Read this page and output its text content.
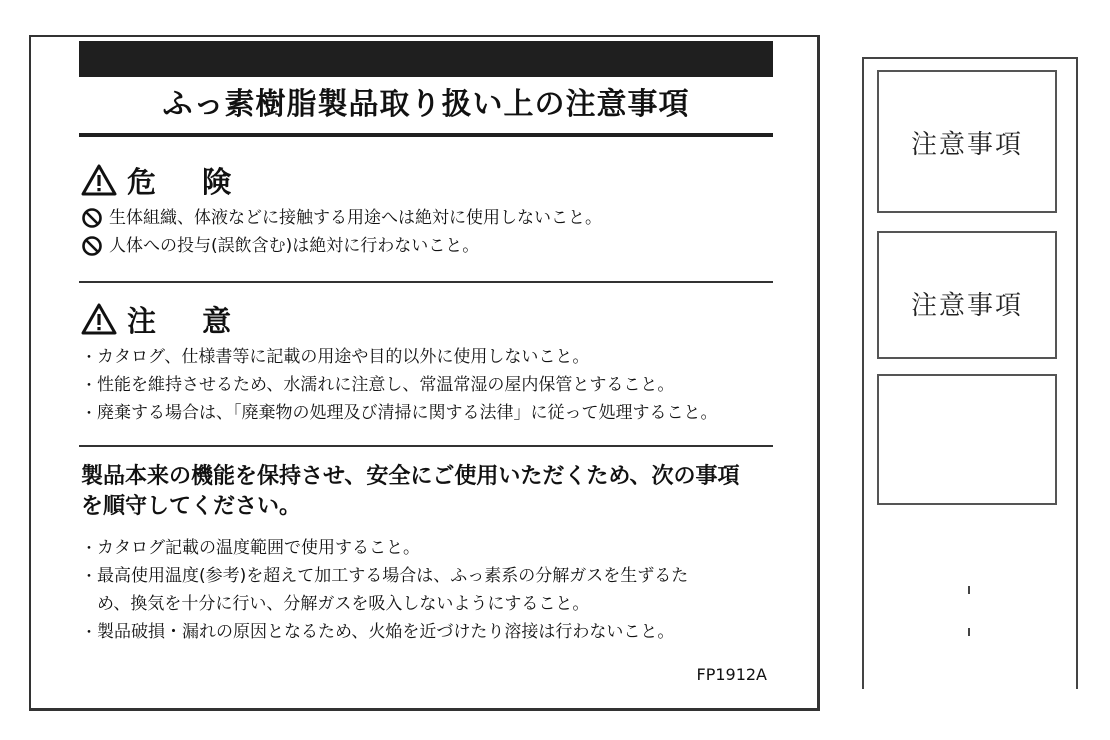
ふっ素樹脂製品取り扱い上の注意事項
危 険
生体組織、体液などに接触する用途へは絶対に使用しないこと。
人体への投与(誤飲含む)は絶対に行わないこと。
注 意
・ カタログ、仕様書等に記載の用途や目的以外に使用しないこと。
・ 性能を維持させるため、水濡れに注意し、常温常湿の屋内保管とすること。
・ 廃棄する場合は、「廃棄物の処理及び清掃に関する法律」に従って処理すること。
製品本来の機能を保持させ、安全にご使用いただくため、次の事項
を順守してください。
・ カタログ記載の温度範囲で使用すること。
・ 最高使用温度(参考)を超えて加工する場合は、ふっ素系の分解ガスを生ずるた
め、換気を十分に行い、分解ガスを吸入しないようにすること。
・ 製品破損・漏れの原因となるため、火焔を近づけたり溶接は行わないこと。
FP1912A
注意事項
注意事項
